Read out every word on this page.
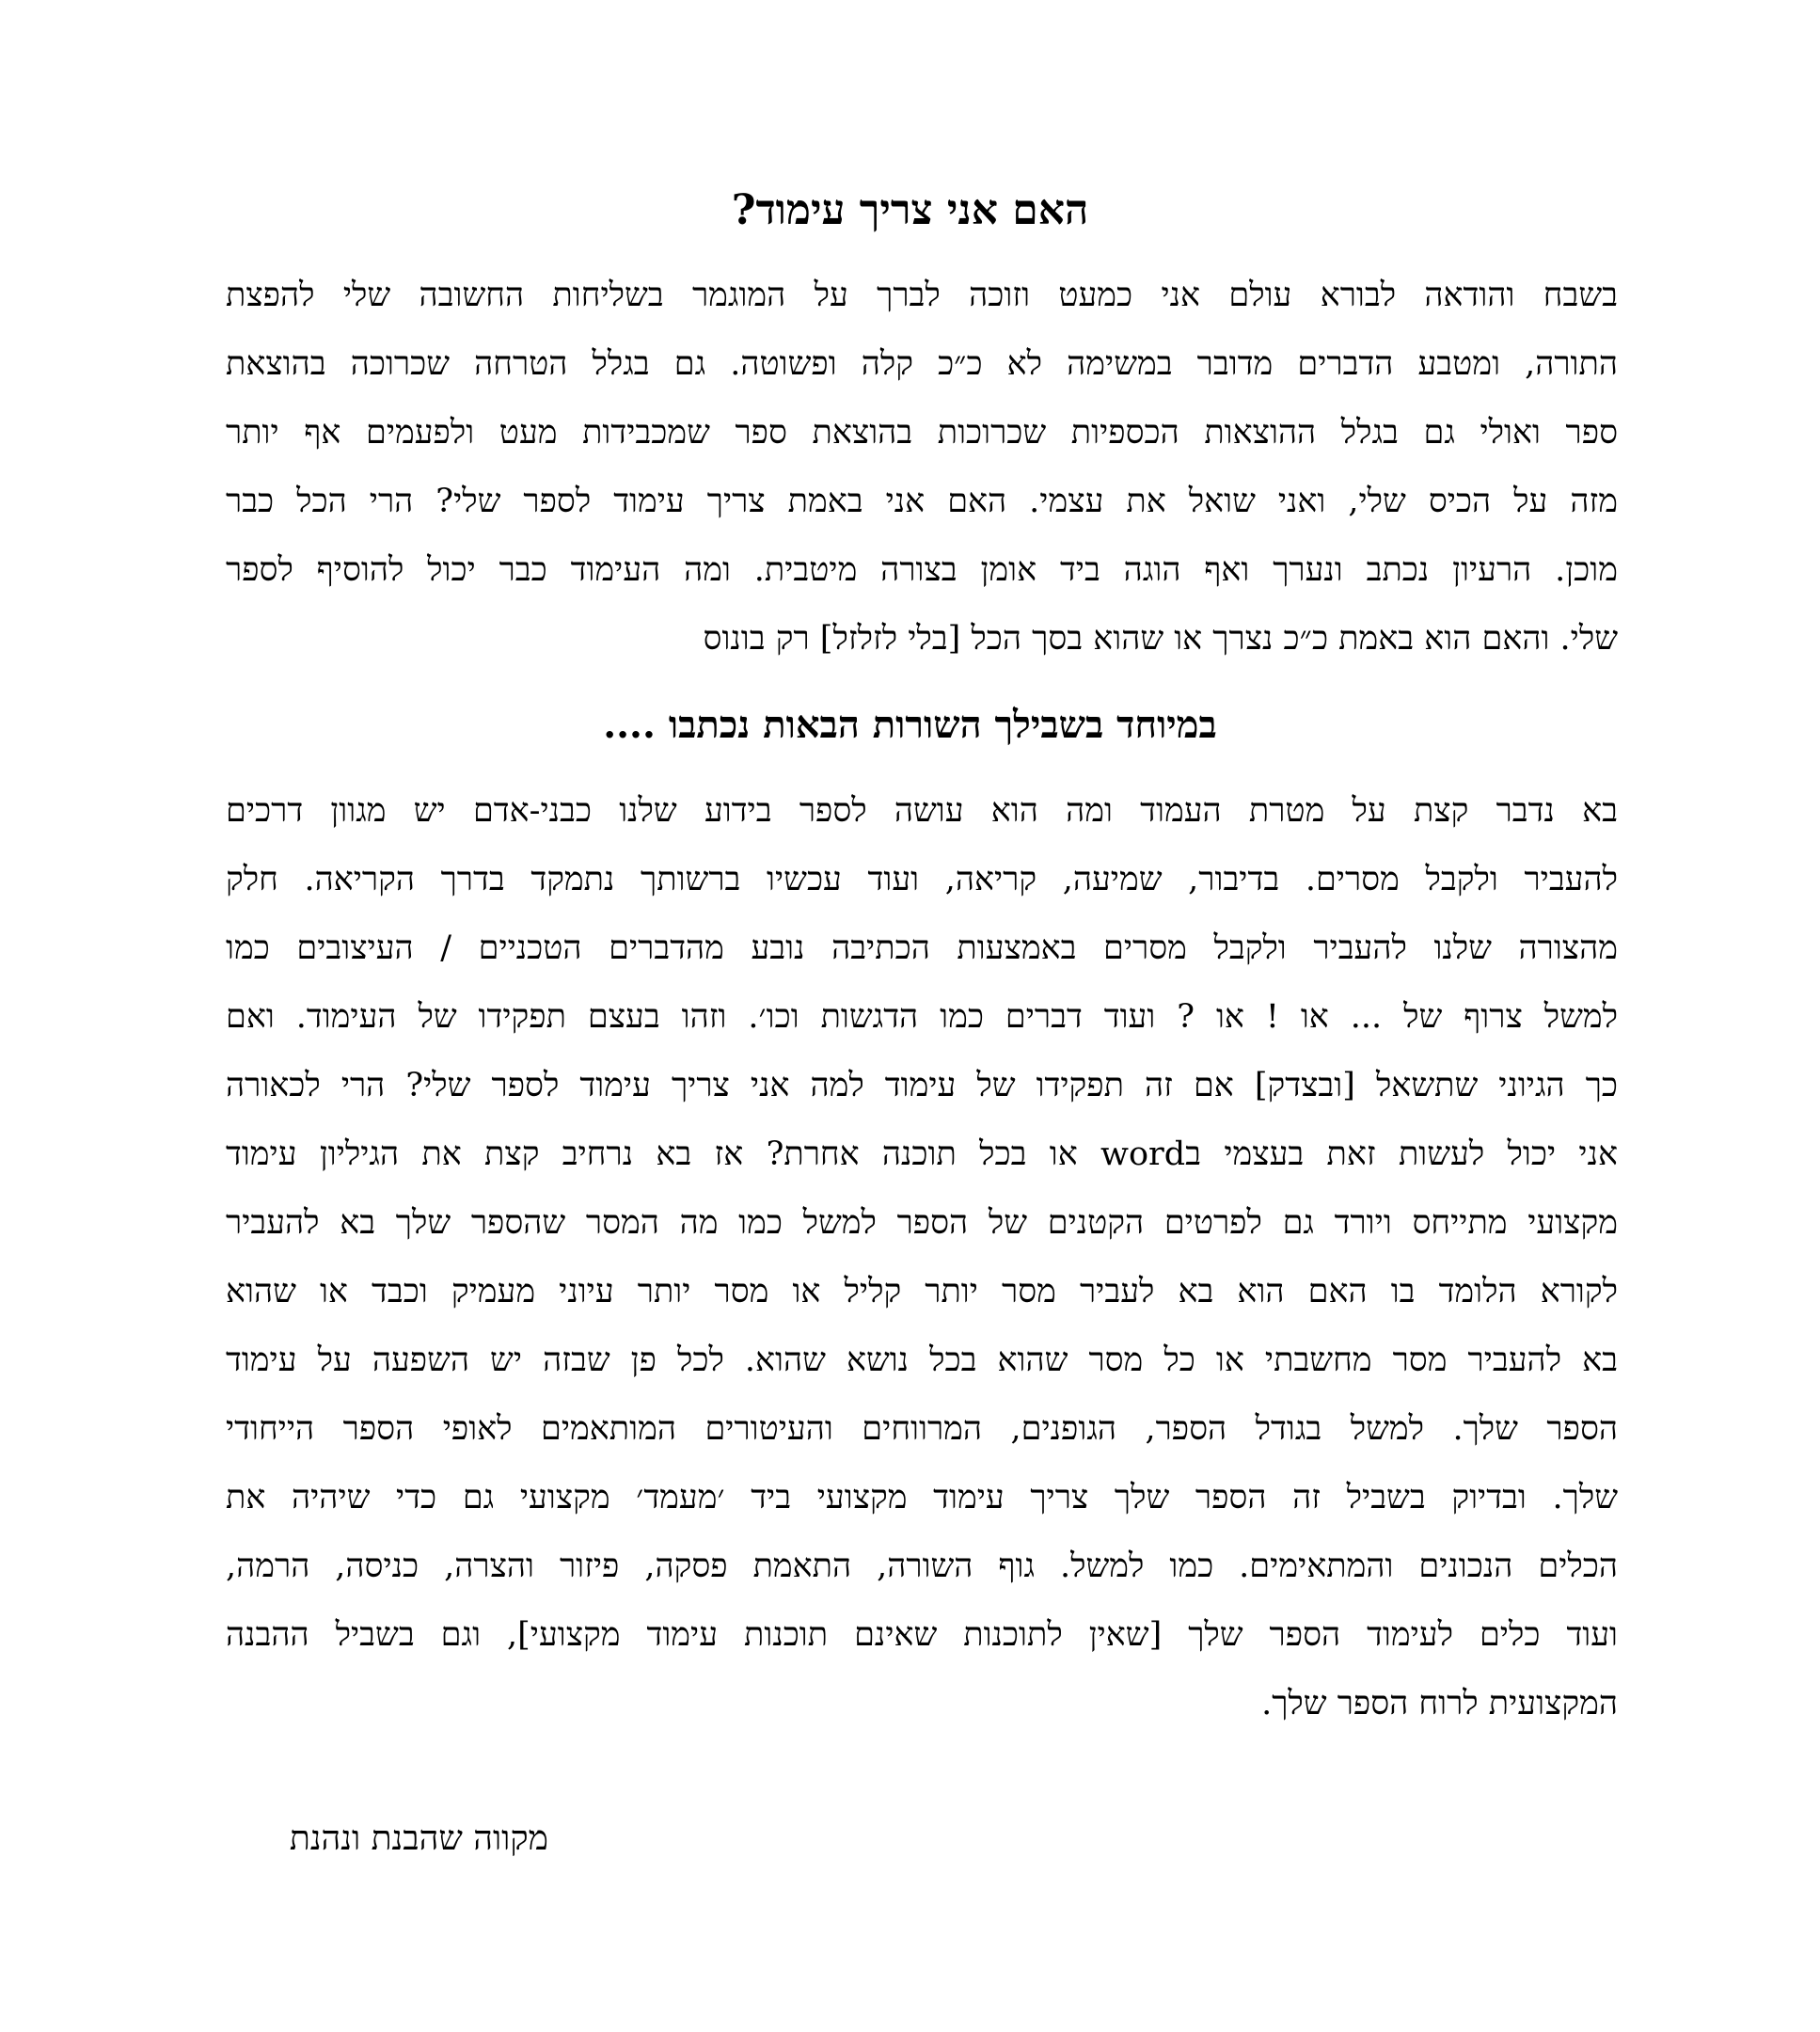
האם אני צריך עימוד?
בשבח והודאה לבורא עולם אני כמעט וזוכה לברך על המוגמר בשליחות החשובה שלי להפצת
התורה, ומטבע הדברים מדובר במשימה לא כ״כ קלה ופשוטה. גם בגלל הטרחה שכרוכה בהוצאת
ספר ואולי גם בגלל ההוצאות הכספיות שכרוכות בהוצאת ספר שמכבידות מעט ולפעמים אף יותר
מזה על הכיס שלי, ואני שואל את עצמי. האם אני באמת צריך עימוד לספר שלי? הרי הכל כבר
מוכן. הרעיון נכתב ונערך ואף הוגה ביד אומן בצורה מיטבית. ומה העימוד כבר יכול להוסיף לספר
שלי. והאם הוא באמת כ״כ נצרך או שהוא בסך הכל [בלי לזלזל] רק בונוס
במיוחד בשבילך השורות הבאות נכתבו ....
בא נדבר קצת על מטרת העמוד ומה הוא עושה לספר בידוע שלנו כבני-אדם יש מגוון דרכים
להעביר ולקבל מסרים. בדיבור, שמיעה, קריאה, ועוד עכשיו ברשותך נתמקד בדרך הקריאה. חלק
מהצורה שלנו להעביר ולקבל מסרים באמצעות הכתיבה נובע מהדברים הטכניים / העיצובים כמו
למשל צרוף של ... או ! או ? ועוד דברים כמו הדגשות וכו׳. וזהו בעצם תפקידו של העימוד. ואם
כך הגיוני שתשאל [ובצדק] אם זה תפקידו של עימוד למה אני צריך עימוד לספר שלי? הרי לכאורה
אני יכול לעשות זאת בעצמי בword או בכל תוכנה אחרת? אז בא נרחיב קצת את הגיליון עימוד
מקצועי מתייחס ויורד גם לפרטים הקטנים של הספר למשל כמו מה המסר שהספר שלך בא להעביר
לקורא הלומד בו האם הוא בא לעביר מסר יותר קליל או מסר יותר עיוני מעמיק וכבד או שהוא
בא להעביר מסר מחשבתי או כל מסר שהוא בכל נושא שהוא. לכל פן שבזה יש השפעה על עימוד
הספר שלך. למשל בגודל הספר, הגופנים, המרווחים והעיטורים המותאמים לאופי הספר הייחודי
שלך. ובדיוק בשביל זה הספר שלך צריך עימוד מקצועי ביד ׳מעמד׳ מקצועי גם כדי שיהיה את
הכלים הנכונים והמתאימים. כמו למשל. גוף השורה, התאמת פסקה, פיזור והצרה, כניסה, הרמה,
ועוד כלים לעימוד הספר שלך [שאין לתוכנות שאינם תוכנות עימוד מקצועי], וגם בשביל ההבנה
המקצועית לרוח הספר שלך.

מקווה שהבנת ונהנת
